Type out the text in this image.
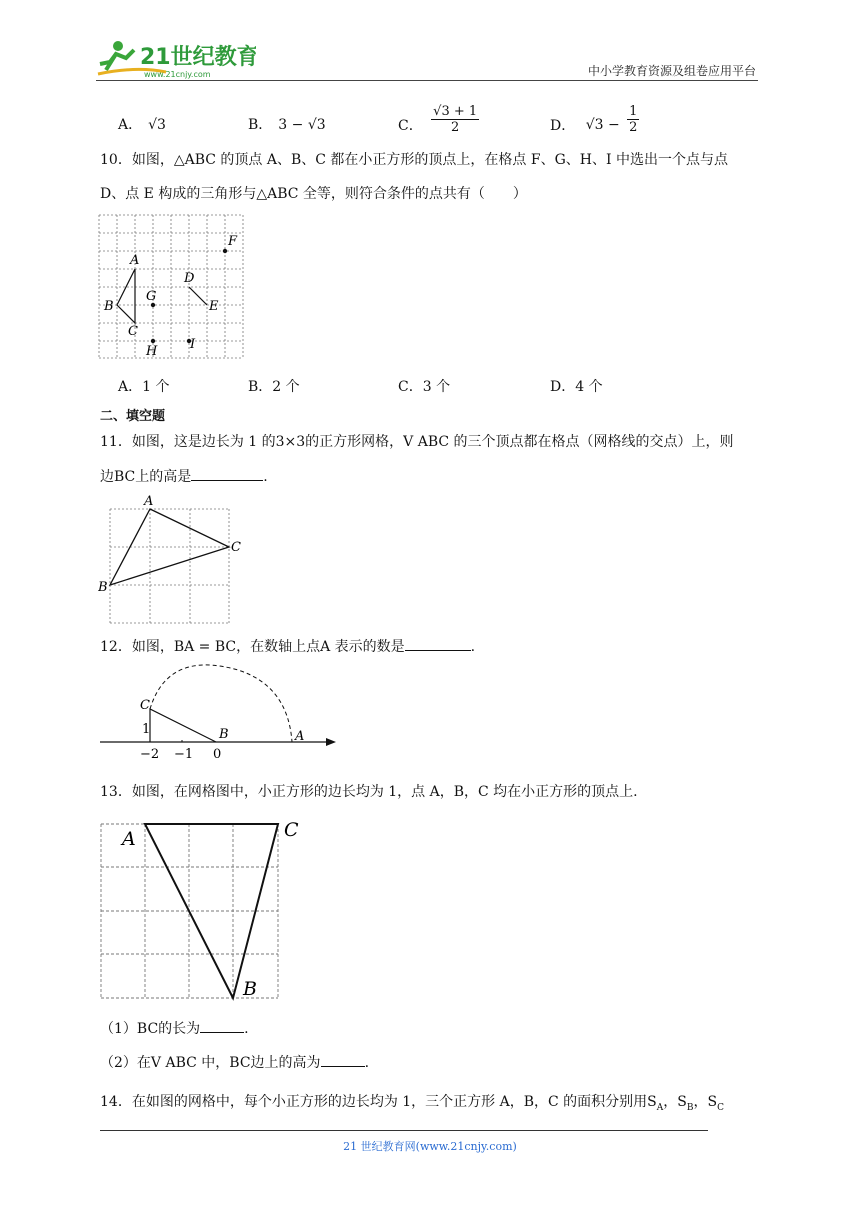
21世纪教育
www.21cnjy.com	中小学教育资源及组卷应用平台
A． √3	B． 3 − √3	C． $\frac{√3 + 1}{2}$	D． $√3 - \frac{1}{2}$
10．如图，△ABC 的顶点 A、B、C 都在小正方形的顶点上，在格点 F、G、H、I 中选出一个点与点
D、点 E 构成的三角形与△ABC 全等，则符合条件的点共有（　　）
A
B
C
D
E
F
G
H	I
A．1 个	B．2 个	C．3 个	D．4 个
二、填空题
11．如图，这是边长为 1 的3×3的正方形网格，V ABC 的三个顶点都在格点（网格线的交点）上，则
边BC上的高是	.
A
B
C
12．如图，BA = BC，在数轴上点A 表示的数是	.
C
1	B	A
−2 −1 0
13．如图，在网格图中，小正方形的边长均为 1，点 A，B，C 均在小正方形的顶点上.
A
B
C
（1）BC的长为	.
（2）在V ABC 中，BC边上的高为	.
14．在如图的网格中，每个小正方形的边长均为 1，三个正方形 A，B，C 的面积分别用$S_A$，$S_B$，$S_C$
21 世纪教育网(www.21cnjy.com)
